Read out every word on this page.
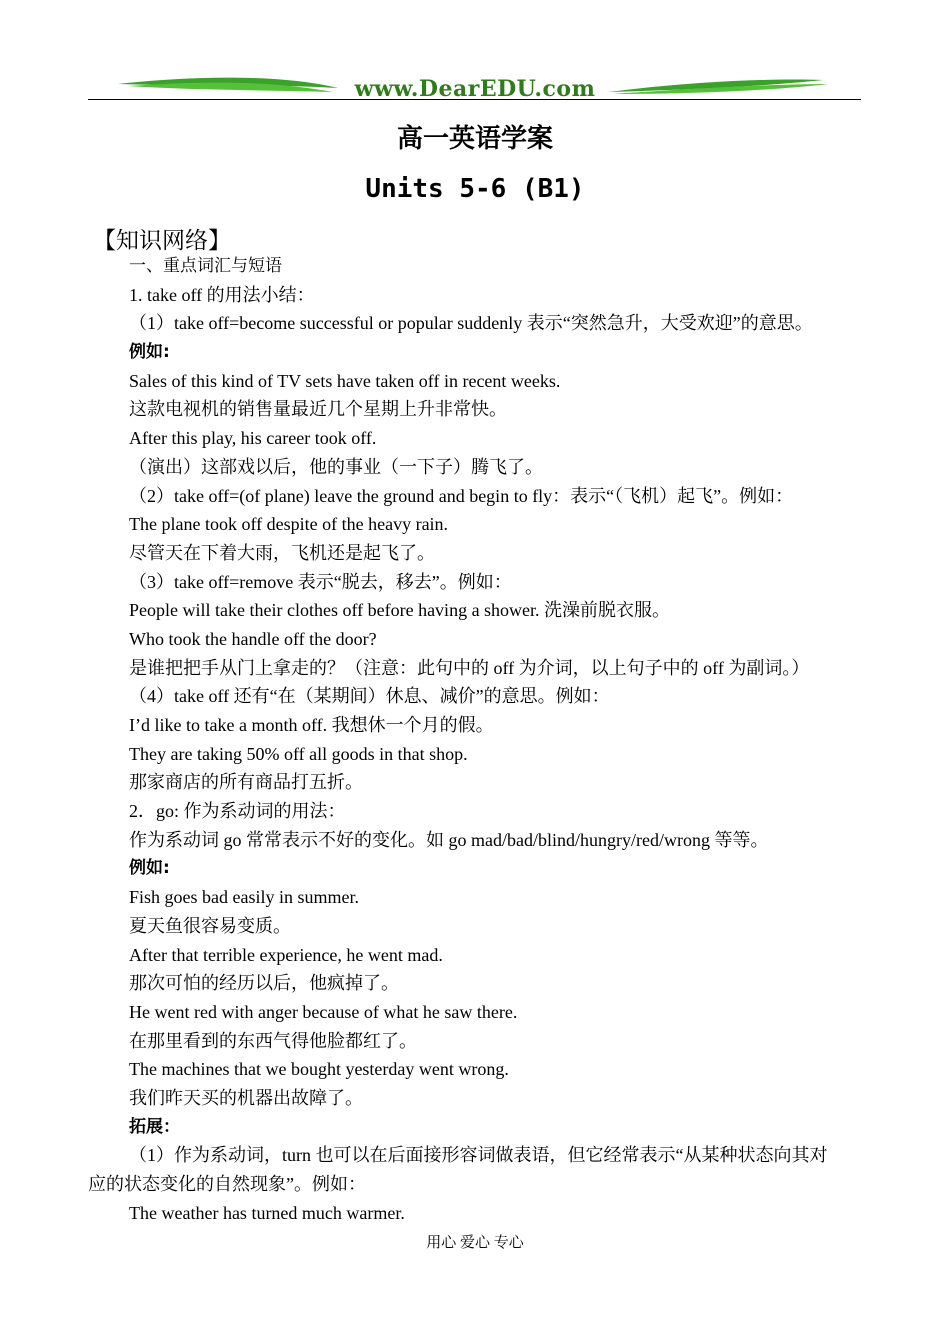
www.DearEDU.com
高一英语学案
Units 5-6 (B1)
【知识网络】
一、重点词汇与短语
1. take off 的用法小结：
（1）take off=become successful or popular suddenly 表示“突然急升，大受欢迎”的意思。
例如:
Sales of this kind of TV sets have taken off in recent weeks.
这款电视机的销售量最近几个星期上升非常快。
After this play, his career took off.
（演出）这部戏以后，他的事业（一下子）腾飞了。
（2）take off=(of plane) leave the ground and begin to fly：表示“（飞机）起飞”。例如：
The plane took off despite of the heavy rain.
尽管天在下着大雨，飞机还是起飞了。
（3）take off=remove 表示“脱去，移去”。例如：
People will take their clothes off before having a shower. 洗澡前脱衣服。
Who took the handle off the door?
是谁把把手从门上拿走的？（注意：此句中的 off 为介词，以上句子中的 off 为副词。）
（4）take off 还有“在（某期间）休息、减价”的意思。例如：
I’d like to take a month off. 我想休一个月的假。
They are taking 50% off all goods in that shop.
那家商店的所有商品打五折。
2．go: 作为系动词的用法：
作为系动词 go 常常表示不好的变化。如 go mad/bad/blind/hungry/red/wrong 等等。
例如:
Fish goes bad easily in summer.
夏天鱼很容易变质。
After that terrible experience, he went mad.
那次可怕的经历以后，他疯掉了。
He went red with anger because of what he saw there.
在那里看到的东西气得他脸都红了。
The machines that we bought yesterday went wrong.
我们昨天买的机器出故障了。
拓展：
（1）作为系动词，turn 也可以在后面接形容词做表语，但它经常表示“从某种状态向其对
应的状态变化的自然现象”。例如：
The weather has turned much warmer.
用心 爱心 专心
